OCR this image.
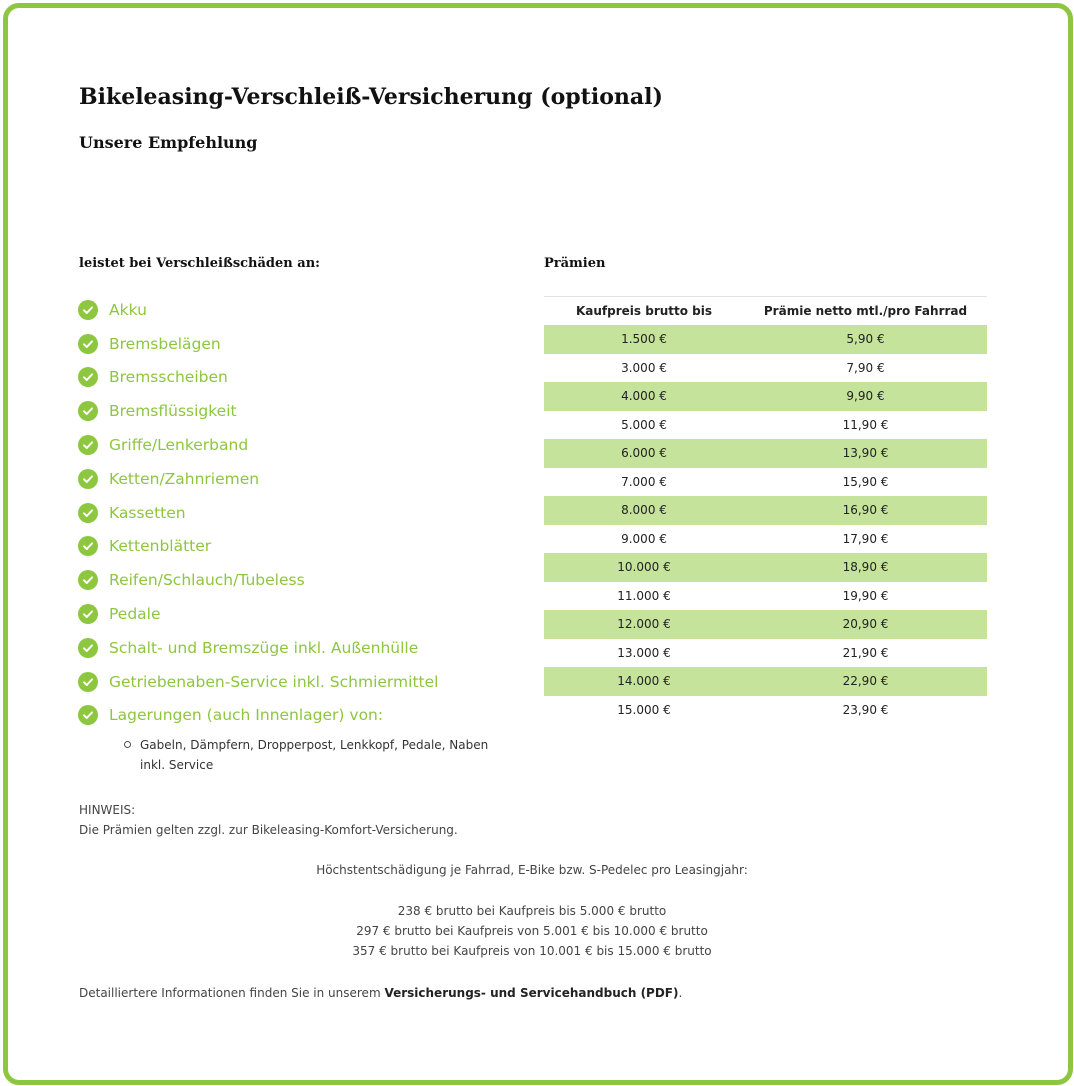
Bikeleasing-Verschleiß-Versicherung (optional)
Unsere Empfehlung
leistet bei Verschleißschäden an:	Prämien
Akku
Bremsbelägen
Bremsscheiben
Bremsflüssigkeit
Griffe/Lenkerband
Ketten/Zahnriemen
Kassetten
Kettenblätter
Reifen/Schlauch/Tubeless
Pedale
Schalt- und Bremszüge inkl. Außenhülle
Getriebenaben-Service inkl. Schmiermittel
Lagerungen (auch Innenlager) von:
Gabeln, Dämpfern, Dropperpost, Lenkkopf, Pedale, Naben inkl. Service
Kaufpreis brutto bis	Prämie netto mtl./pro Fahrrad
1.500 €	5,90 €
3.000 €	7,90 €
4.000 €	9,90 €
5.000 €	11,90 €
6.000 €	13,90 €
7.000 €	15,90 €
8.000 €	16,90 €
9.000 €	17,90 €
10.000 €	18,90 €
11.000 €	19,90 €
12.000 €	20,90 €
13.000 €	21,90 €
14.000 €	22,90 €
15.000 €	23,90 €
HINWEIS:
Die Prämien gelten zzgl. zur Bikeleasing-Komfort-Versicherung.
Höchstentschädigung je Fahrrad, E-Bike bzw. S-Pedelec pro Leasingjahr:
238 € brutto bei Kaufpreis bis 5.000 € brutto
297 € brutto bei Kaufpreis von 5.001 € bis 10.000 € brutto
357 € brutto bei Kaufpreis von 10.001 € bis 15.000 € brutto
Detailliertere Informationen finden Sie in unserem Versicherungs- und Servicehandbuch (PDF).
